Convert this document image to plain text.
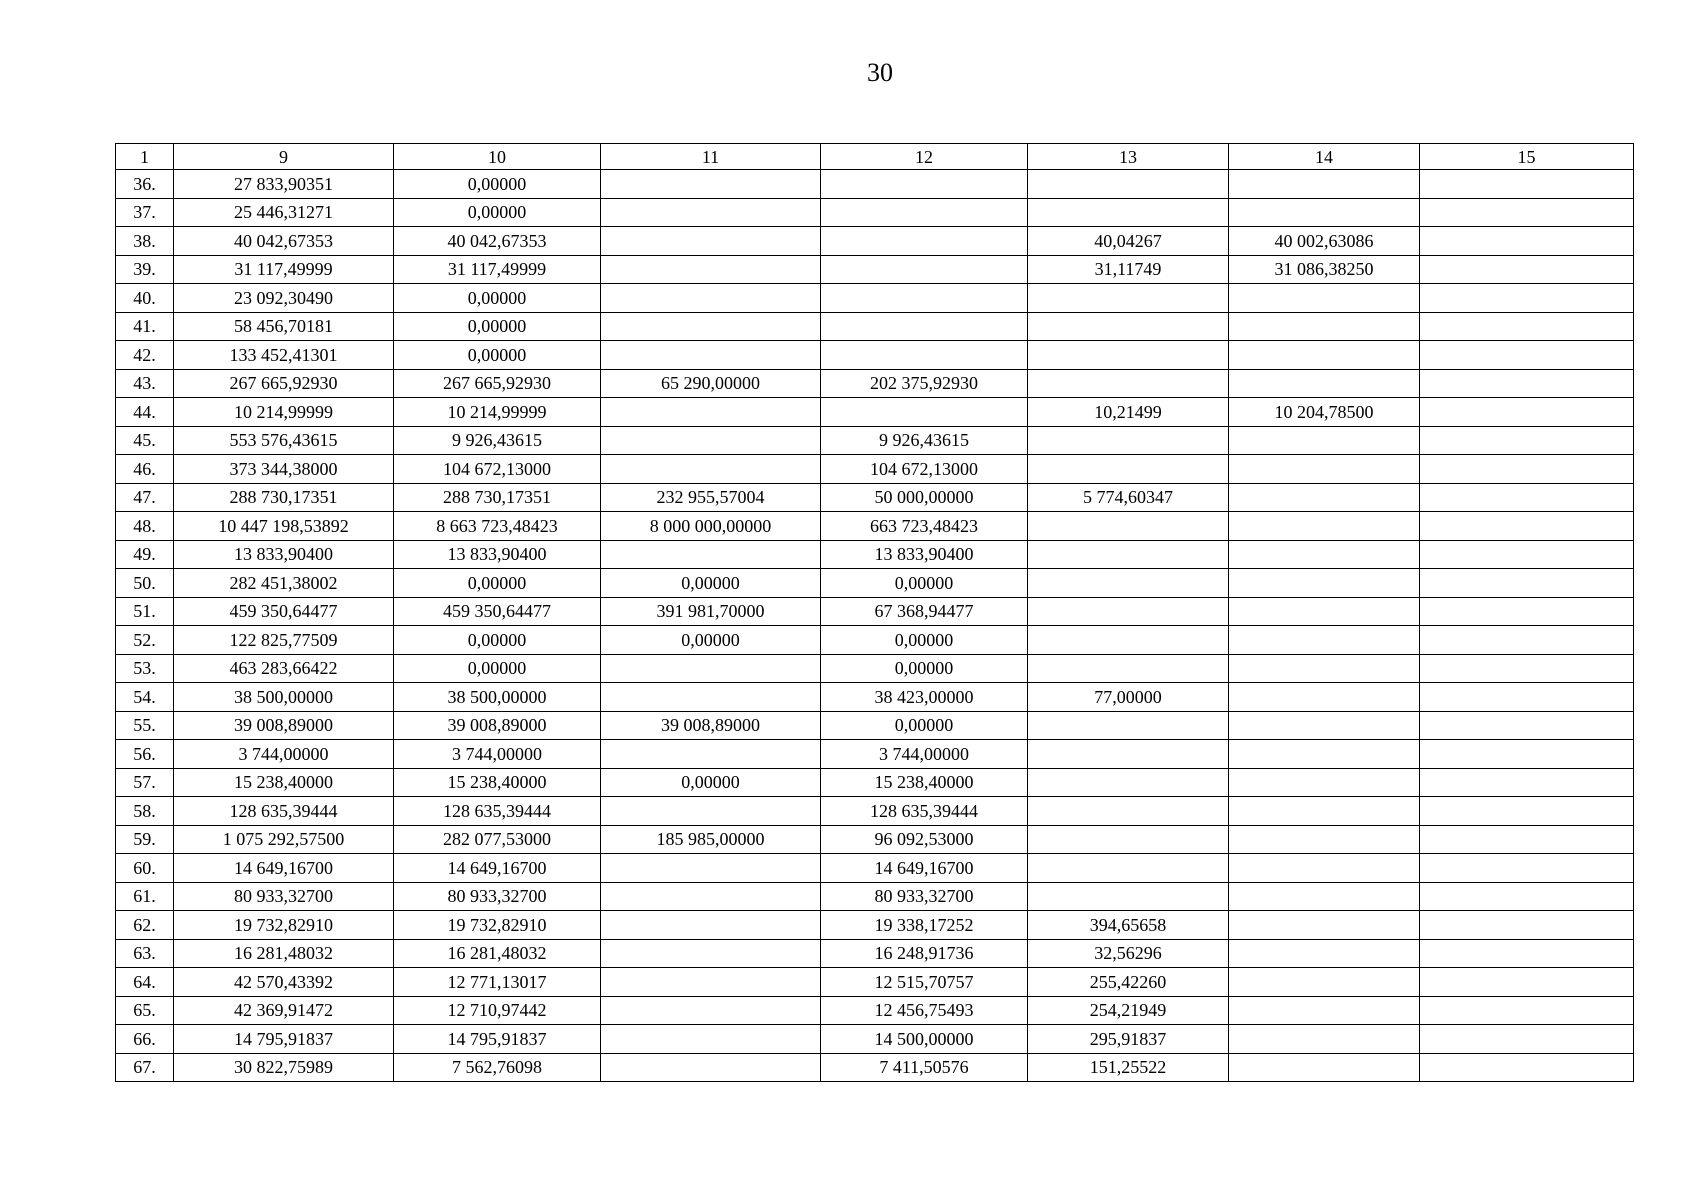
30
1	9	10	11	12	13	14	15
36.	27 833,90351	0,00000					
37.	25 446,31271	0,00000					
38.	40 042,67353	40 042,67353			40,04267	40 002,63086	
39.	31 117,49999	31 117,49999			31,11749	31 086,38250	
40.	23 092,30490	0,00000					
41.	58 456,70181	0,00000					
42.	133 452,41301	0,00000					
43.	267 665,92930	267 665,92930	65 290,00000	202 375,92930			
44.	10 214,99999	10 214,99999			10,21499	10 204,78500	
45.	553 576,43615	9 926,43615		9 926,43615			
46.	373 344,38000	104 672,13000		104 672,13000			
47.	288 730,17351	288 730,17351	232 955,57004	50 000,00000	5 774,60347		
48.	10 447 198,53892	8 663 723,48423	8 000 000,00000	663 723,48423			
49.	13 833,90400	13 833,90400		13 833,90400			
50.	282 451,38002	0,00000	0,00000	0,00000			
51.	459 350,64477	459 350,64477	391 981,70000	67 368,94477			
52.	122 825,77509	0,00000	0,00000	0,00000			
53.	463 283,66422	0,00000		0,00000			
54.	38 500,00000	38 500,00000		38 423,00000	77,00000		
55.	39 008,89000	39 008,89000	39 008,89000	0,00000			
56.	3 744,00000	3 744,00000		3 744,00000			
57.	15 238,40000	15 238,40000	0,00000	15 238,40000			
58.	128 635,39444	128 635,39444		128 635,39444			
59.	1 075 292,57500	282 077,53000	185 985,00000	96 092,53000			
60.	14 649,16700	14 649,16700		14 649,16700			
61.	80 933,32700	80 933,32700		80 933,32700			
62.	19 732,82910	19 732,82910		19 338,17252	394,65658		
63.	16 281,48032	16 281,48032		16 248,91736	32,56296		
64.	42 570,43392	12 771,13017		12 515,70757	255,42260		
65.	42 369,91472	12 710,97442		12 456,75493	254,21949		
66.	14 795,91837	14 795,91837		14 500,00000	295,91837		
67.	30 822,75989	7 562,76098		7 411,50576	151,25522		
